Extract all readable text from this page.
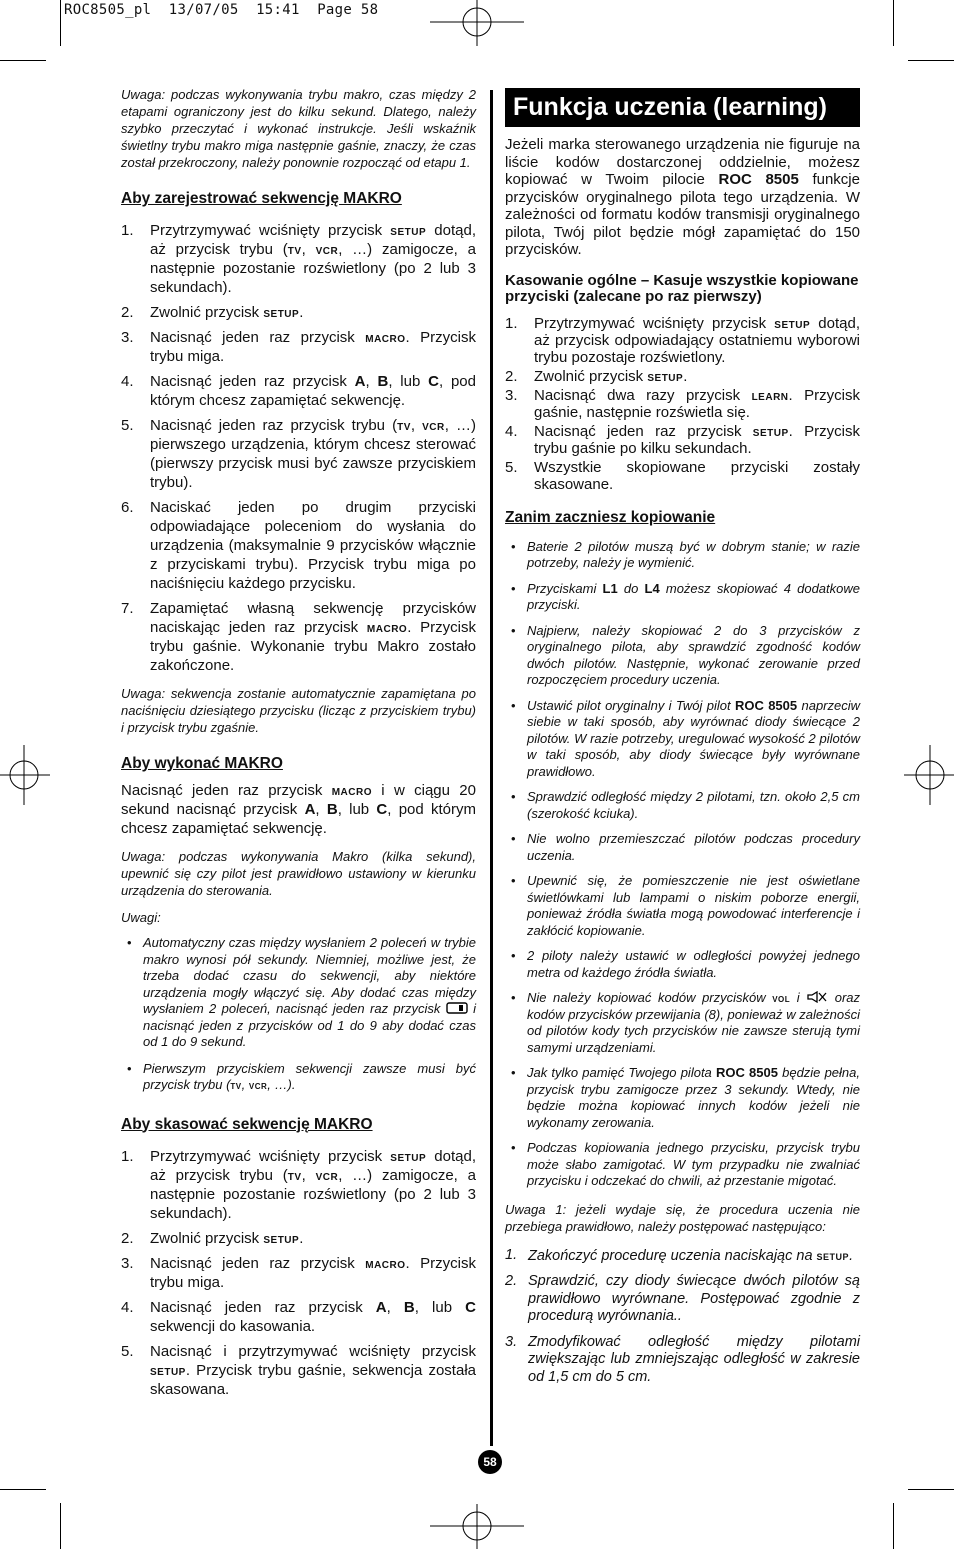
ROC8505_pl 13/07/05 15:41 Page 58

Uwaga: podczas wykonywania trybu makro, czas między 2 etapami ograniczony jest do kilku sekund. Dlatego, należy szybko przeczytać i wykonać instrukcje. Jeśli wskaźnik świetlny trybu makro miga następnie gaśnie, znaczy, że czas został przekroczony, należy ponownie rozpocząć od etapu 1.

Aby zarejestrować sekwencję MAKRO
1.	Przytrzymywać wciśnięty przycisk setup dotąd, aż przycisk trybu (tv, vcr, …) zamigocze, a następnie pozostanie rozświetlony (po 2 lub 3 sekundach).
2.	Zwolnić przycisk setup.
3.	Nacisnąć jeden raz przycisk macro. Przycisk trybu miga.
4.	Nacisnąć jeden raz przycisk A, B, lub C, pod którym chcesz zapamiętać sekwencję.
5.	Nacisnąć jeden raz przycisk trybu (tv, vcr, …) pierwszego urządzenia, którym chcesz sterować (pierwszy przycisk musi być zawsze przyciskiem trybu).
6.	Naciskać jeden po drugim przyciski odpowiadające poleceniom do wysłania do urządzenia (maksymalnie 9 przycisków włącznie z przyciskami trybu). Przycisk trybu miga po naciśnięciu każdego przycisku.
7.	Zapamiętać własną sekwencję przycisków naciskając jeden raz przycisk macro. Przycisk trybu gaśnie. Wykonanie trybu Makro zostało zakończone.

Uwaga: sekwencja zostanie automatycznie zapamiętana po naciśnięciu dziesiątego przycisku (licząc z przyciskiem trybu) i przycisk trybu zgaśnie.

Aby wykonać MAKRO

Nacisnąć jeden raz przycisk macro i w ciągu 20 sekund nacisnąć przycisk A, B, lub C, pod którym chcesz zapamiętać sekwencję.

Uwaga: podczas wykonywania Makro (kilka sekund), upewnić się czy pilot jest prawidłowo ustawiony w kierunku urządzenia do sterowania.

Uwagi:

• Automatyczny czas między wysłaniem 2 poleceń w trybie makro wynosi pół sekundy. Niemniej, możliwe jest, że trzeba dodać czasu do sekwencji, aby niektóre urządzenia mogły włączyć się. Aby dodać czas między wysłaniem 2 poleceń, nacisnąć jeden raz przycisk  i nacisnąć jeden z przycisków od 1 do 9 aby dodać czas od 1 do 9 sekund.
• Pierwszym przyciskiem sekwencji zawsze musi być przycisk trybu (tv, vcr, …).
Aby skasować sekwencję MAKRO
1.	Przytrzymywać wciśnięty przycisk setup dotąd, aż przycisk trybu (tv, vcr, …) zamigocze, a następnie pozostanie rozświetlony (po 2 lub 3 sekundach).
2.	Zwolnić przycisk setup.
3.	Nacisnąć jeden raz przycisk macro. Przycisk trybu miga.
4.	Nacisnąć jeden raz przycisk A, B, lub C sekwencji do kasowania.
5.	Nacisnąć i przytrzymywać wciśnięty przycisk setup. Przycisk trybu gaśnie, sekwencja została skasowana.
Funkcja uczenia (learning)

Jeżeli marka sterowanego urządzenia nie figuruje na liście kodów dostarczonej oddzielnie, możesz kopiować w Twoim pilocie ROC 8505 funkcje przycisków oryginalnego pilota tego urządzenia. W zależności od formatu kodów transmisji oryginalnego pilota, Twój pilot będzie mógł zapamiętać do 150 przycisków.

Kasowanie ogólne – Kasuje wszystkie kopiowane przyciski (zalecane po raz pierwszy)
1.	Przytrzymywać wciśnięty przycisk setup dotąd, aż przycisk odpowiadający ostatniemu wyborowi trybu pozostaje rozświetlony.
2.	Zwolnić przycisk setup.
3.	Nacisnąć dwa razy przycisk learn. Przycisk gaśnie, następnie rozświetla się.
4.	Nacisnąć jeden raz przycisk setup. Przycisk trybu gaśnie po kilku sekundach.
5.	Wszystkie skopiowane przyciski zostały skasowane.
Zanim zaczniesz kopiowanie
• Baterie 2 pilotów muszą być w dobrym stanie; w razie potrzeby, należy je wymienić.
• Przyciskami L1 do L4 możesz skopiować 4 dodatkowe przyciski.
• Najpierw, należy skopiować 2 do 3 przycisków z oryginalnego pilota, aby sprawdzić zgodność kodów dwóch pilotów. Następnie, wykonać zerowanie przed rozpoczęciem procedury uczenia.
• Ustawić pilot oryginalny i Twój pilot ROC 8505 naprzeciw siebie w taki sposób, aby wyrównać diody świecące 2 pilotów. W razie potrzeby, uregulować wysokość 2 pilotów w taki sposób, aby diody świecące były wyrównane prawidłowo.
• Sprawdzić odległość między 2 pilotami, tzn. około 2,5 cm (szerokość kciuka).
• Nie wolno przemieszczać pilotów podczas procedury uczenia.
• Upewnić się, że pomieszczenie nie jest oświetlane świetlówkami lub lampami o niskim poborze energii, ponieważ źródła światła mogą powodować interferencje i zakłócić kopiowanie.
• 2 piloty należy ustawić w odległości powyżej jednego metra od każdego źródła światła.
• Nie należy kopiować kodów przycisków vol i  oraz kodów przycisków przewijania (8), ponieważ w zależności od pilotów kody tych przycisków nie zawsze sterują tymi samymi urządzeniami.
• Jak tylko pamięć Twojego pilota ROC 8505 będzie pełna, przycisk trybu zamigocze przez 3 sekundy. Wtedy, nie będzie można kopiować innych kodów jeżeli nie wykonamy zerowania.
• Podczas kopiowania jednego przycisku, przycisk trybu może słabo zamigotać. W tym przypadku nie zwalniać przycisku i odczekać do chwili, aż przestanie migotać.

Uwaga 1: jeżeli wydaje się, że procedura uczenia nie przebiega prawidłowo, należy postępować następująco:

1. Zakończyć procedurę uczenia naciskając na setup.
2. Sprawdzić, czy diody świecące dwóch pilotów są prawidłowo wyrównane. Postępować zgodnie z procedurą wyrównania..
3. Zmodyfikować odległość między pilotami zwiększając lub zmniejszając odległość w zakresie od 1,5 cm do 5 cm.
58
